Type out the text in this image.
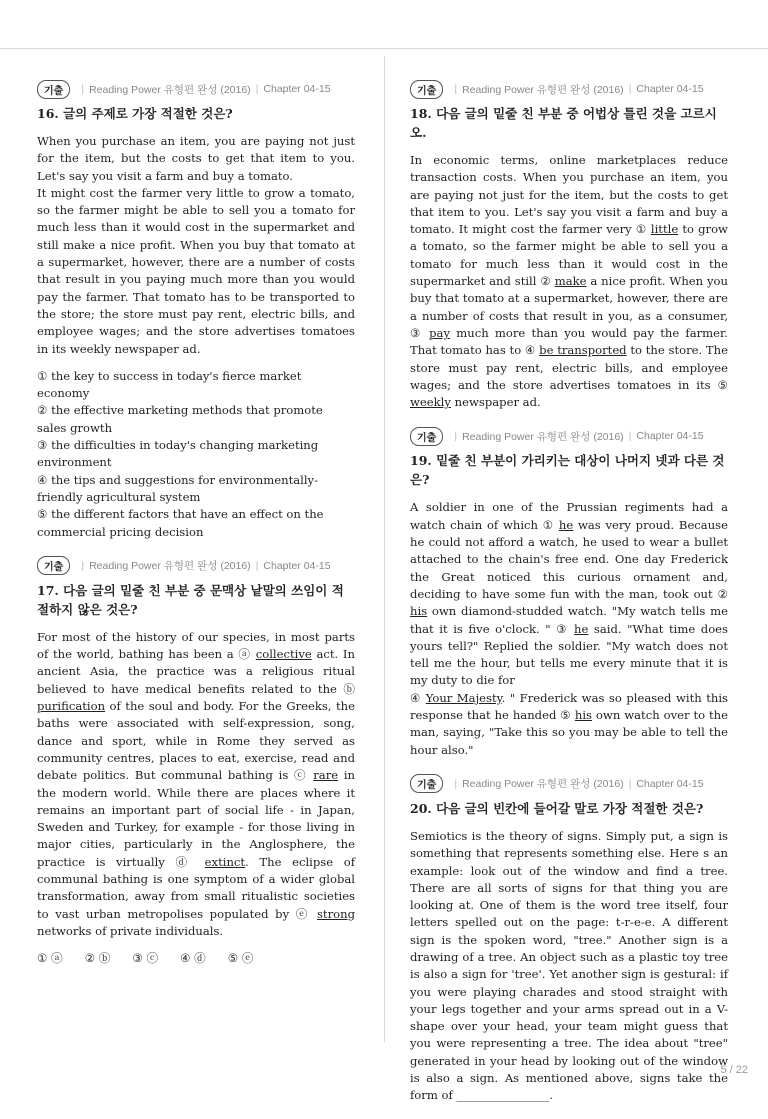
기출	| Reading Power 유형편 완성 (2016) | Chapter 04-15
16. 글의 주제로 가장 적절한 것은?
When you purchase an item, you are paying not just for the item, but the costs to get that item to you. Let's say you visit a farm and buy a tomato.
It might cost the farmer very little to grow a tomato, so the farmer might be able to sell you a tomato for much less than it would cost in the supermarket and still make a nice profit. When you buy that tomato at a supermarket, however, there are a number of costs that result in you paying much more than you would pay the farmer. That tomato has to be transported to the store; the store must pay rent, electric bills, and employee wages; and the store advertises tomatoes in its weekly newspaper ad.

① the key to success in today's fierce market economy

② the effective marketing methods that promote sales growth

③ the difficulties in today's changing marketing environment

④ the tips and suggestions for environmentally-friendly agricultural system

⑤ the different factors that have an effect on the commercial pricing decision

기출	| Reading Power 유형편 완성 (2016) | Chapter 04-15
17. 다음 글의 밑줄 친 부분 중 문맥상 낱말의 쓰임이 적절하지 않은 것은?
For most of the history of our species, in most parts of the world, bathing has been a ⓐ collective act. In ancient Asia, the practice was a religious ritual believed to have medical benefits related to the ⓑ purification of the soul and body. For the Greeks, the baths were associated with self-expression, song, dance and sport, while in Rome they served as community centres, places to eat, exercise, read and debate politics. But communal bathing is ⓒ rare in the modern world. While there are places where it remains an important part of social life - in Japan, Sweden and Turkey, for example - for those living in major cities, particularly in the Anglosphere, the practice is virtually ⓓ extinct. The eclipse of communal bathing is one symptom of a wider global transformation, away from small ritualistic societies to vast urban metropolises populated by ⓔ strong networks of private individuals.
① ⓐ ② ⓑ ③ ⓒ ④ ⓓ ⑤ ⓔ
기출	| Reading Power 유형편 완성 (2016) | Chapter 04-15
18. 다음 글의 밑줄 친 부분 중 어법상 틀린 것을 고르시오.
In economic terms, online marketplaces reduce transaction costs. When you purchase an item, you are paying not just for the item, but the costs to get that item to you. Let's say you visit a farm and buy a tomato. It might cost the farmer very ① little to grow a tomato, so the farmer might be able to sell you a tomato for much less than it would cost in the supermarket and still ② make a nice profit. When you buy that tomato at a supermarket, however, there are a number of costs that result in you, as a consumer, ③ pay much more than you would pay the farmer. That tomato has to ④ be transported to the store. The store must pay rent, electric bills, and employee wages; and the store advertises tomatoes in its ⑤ weekly newspaper ad.
기출	| Reading Power 유형편 완성 (2016) | Chapter 04-15
19. 밑줄 친 부분이 가리키는 대상이 나머지 넷과 다른 것은?
A soldier in one of the Prussian regiments had a watch chain of which ① he was very proud. Because he could not afford a watch, he used to wear a bullet attached to the chain's free end. One day Frederick the Great noticed this curious ornament and, deciding to have some fun with the man, took out ② his own diamond-studded watch. "My watch tells me that it is five o'clock. " ③ he said. "What time does yours tell?" Replied the soldier. "My watch does not tell me the hour, but tells me every minute that it is my duty to die for
④ Your Majesty. " Frederick was so pleased with this response that he handed ⑤ his own watch over to the man, saying, "Take this so you may be able to tell the hour also."
기출	| Reading Power 유형편 완성 (2016) | Chapter 04-15
20. 다음 글의 빈칸에 들어갈 말로 가장 적절한 것은?
Semiotics is the theory of signs. Simply put, a sign is something that represents something else. Here s an example: look out of the window and find a tree. There are all sorts of signs for that thing you are looking at. One of them is the word tree itself, four letters spelled out on the page: t-r-e-e. A different sign is the spoken word, "tree." Another sign is a drawing of a tree. An object such as a plastic toy tree is also a sign for 'tree'. Yet another sign is gestural: if you were playing charades and stood straight with your legs together and your arms spread out in a V-shape over your head, your team might guess that you were representing a tree. The idea about "tree" generated in your head by looking out of the window is also a sign. As mentioned above, signs take the form of ________________.
5 / 22
